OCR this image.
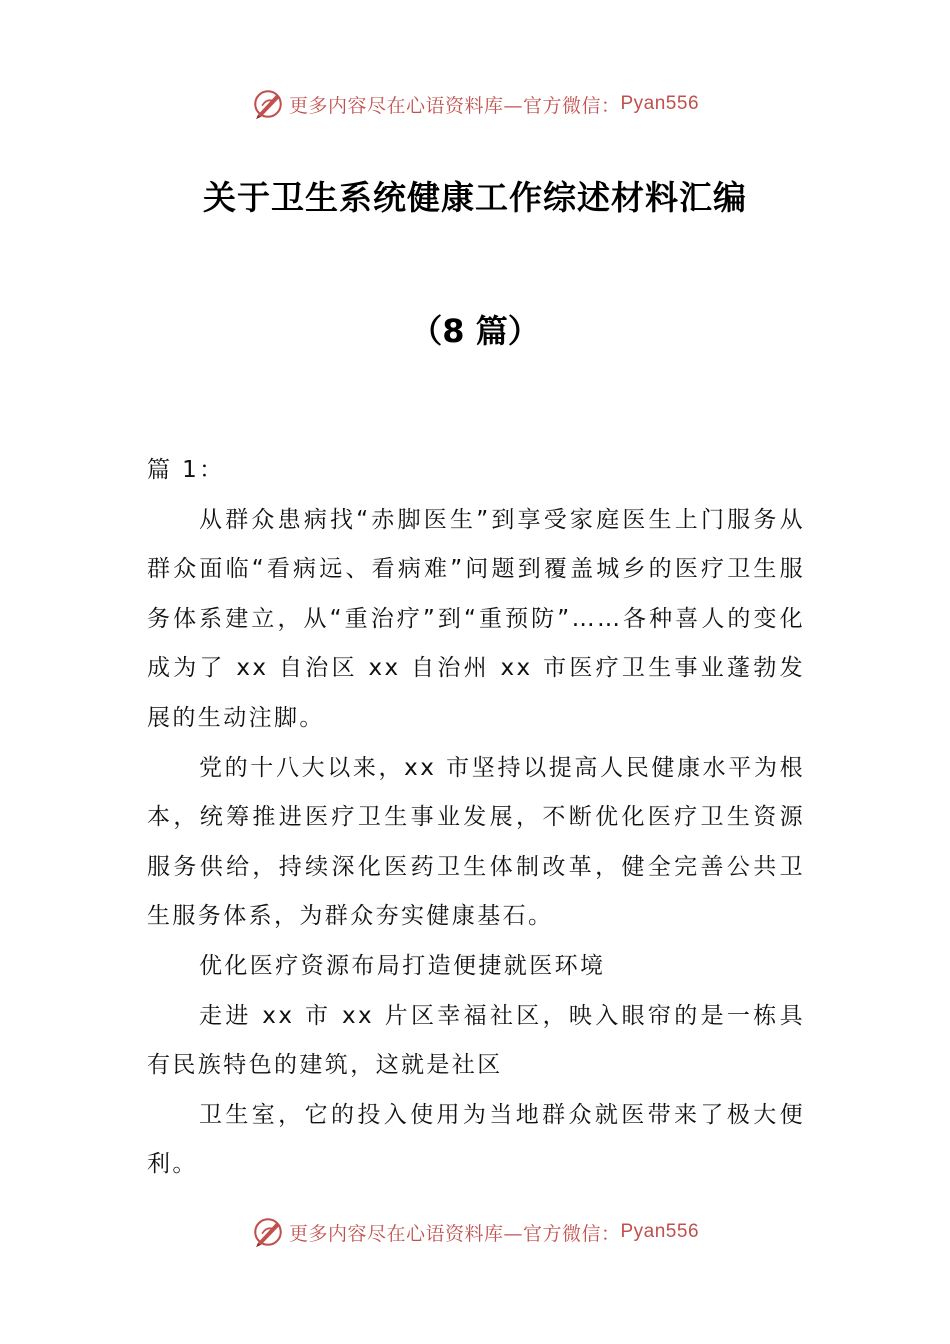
更多内容尽在心语资料库—官方微信： Pyan556
关于卫生系统健康工作综述材料汇编
（8 篇）

篇 1：

从群众患病找“赤脚医生”到享受家庭医生上门服务从群众面临“看病远、看病难”问题到覆盖城乡的医疗卫生服务体系建立，从“重治疗”到“重预防”……各种喜人的变化成为了 xx 自治区 xx 自治州 xx 市医疗卫生事业蓬勃发展的生动注脚。

党的十八大以来，xx 市坚持以提高人民健康水平为根本，统筹推进医疗卫生事业发展，不断优化医疗卫生资源服务供给，持续深化医药卫生体制改革，健全完善公共卫生服务体系，为群众夯实健康基石。

优化医疗资源布局打造便捷就医环境

走进 xx 市 xx 片区幸福社区，映入眼帘的是一栋具有民族特色的建筑，这就是社区

卫生室，它的投入使用为当地群众就医带来了极大便利。

更多内容尽在心语资料库—官方微信： Pyan556
